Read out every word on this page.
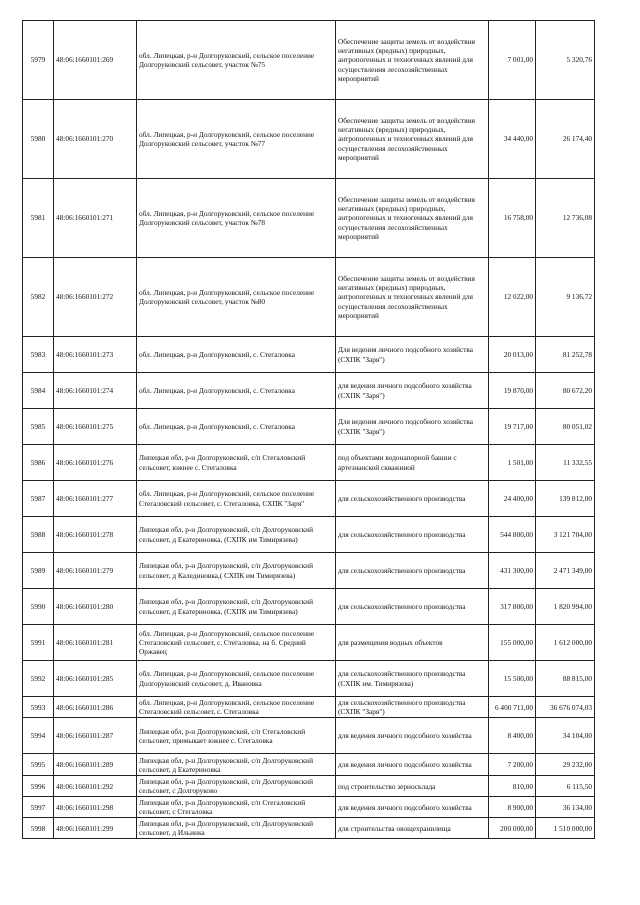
5979	48:06:1660101:269	обл. Липецкая, р-н Долгоруковский, сельское поселение Долгоруковский сельсовет, участок №75	Обеспечение защиты земель от воздействия негативных (вредных) природных, антропогенных и техногенных явлений для осуществления лесохозяйственных мероприятий	7 001,00	5 320,76
5980	48:06:1660101:270	обл. Липецкая, р-н Долгоруковский, сельское поселение Долгоруковский сельсовет, участок №77	Обеспечение защиты земель от воздействия негативных (вредных) природных, антропогенных и техногенных явлений для осуществления лесохозяйственных мероприятий	34 440,00	26 174,40
5981	48:06:1660101:271	обл. Липецкая, р-н Долгоруковский, сельское поселение Долгоруковский сельсовет, участок №78	Обеспечение защиты земель от воздействия негативных (вредных) природных, антропогенных и техногенных явлений для осуществления лесохозяйственных мероприятий	16 758,00	12 736,08
5982	48:06:1660101:272	обл. Липецкая, р-н Долгоруковский, сельское поселение Долгоруковский сельсовет, участок №80	Обеспечение защиты земель от воздействия негативных (вредных) природных, антропогенных и техногенных явлений для осуществления лесохозяйственных мероприятий	12 022,00	9 136,72
5983	48:06:1660101:273	обл. Липецкая, р-н Долгоруковский, с. Стегаловка	Для ведения личного подсобного хозяйства (СХПК "Заря")	20 013,00	81 252,78
5984	48:06:1660101:274	обл. Липецкая, р-н Долгоруковский, с. Стегаловка	для ведения личного подсобного хозяйства (СХПК "Заря")	19 870,00	80 672,20
5985	48:06:1660101:275	обл. Липецкая, р-н Долгоруковский, с. Стегаловка	Для ведения личного подсобного хозяйства (СХПК "Заря")	19 717,00	80 051,02
5986	48:06:1660101:276	Липецкая обл, р-н Долгоруковский, с/п Стегаловский сельсовет, южнее с. Стегаловка	под объектами водонапорной башни с артезианской скважиной	1 501,00	11 332,55
5987	48:06:1660101:277	обл. Липецкая, р-н Долгоруковский, сельское поселение Стегаловский сельсовет, с. Стегаловка, СХПК "Заря"	для сельскохозяйственного производства	24 400,00	139 812,00
5988	48:06:1660101:278	Липецкая обл, р-н Долгоруковский, с/п Долгоруковский сельсовет, д Екатериновка, (СХПК им Тимирязева)	для сельскохозяйственного производства	544 800,00	3 121 704,00
5989	48:06:1660101:279	Липецкая обл, р-н Долгоруковский, с/п Долгоруковский сельсовет, д Калединовка,( СХПК им Тимирязева)	для сельскохозяйственного производства	431 300,00	2 471 349,00
5990	48:06:1660101:280	Липецкая обл, р-н Долгоруковский, с/п Долгоруковский сельсовет, д Екатериновка, (СХПК им Тимирязева)	для сельскохозяйственного производства	317 800,00	1 820 994,00
5991	48:06:1660101:281	обл. Липецкая, р-н Долгоруковский, сельское поселение Стегаловский сельсовет, с. Стегаловка, на б. Средний Оржавец	для размещения водных объектов	155 000,00	1 612 000,00
5992	48:06:1660101:285	обл. Липецкая, р-н Долгоруковский, сельское поселение Долгоруковский сельсовет, д. Ивановка	для сельскохозяйственного производства (СХПК им. Тимирязева)	15 500,00	88 815,00
5993	48:06:1660101:286	обл. Липецкая, р-н Долгоруковский, сельское поселение Стегаловский сельсовет, с. Стегаловка	для сельскохозяйственного производства (СХПК "Заря")	6 400 711,00	36 676 074,03
5994	48:06:1660101:287	Липецкая обл, р-н Долгоруковский, с/п Стегаловский сельсовет, примыкает южнее с. Стегаловка	для ведения личного подсобного хозяйства	8 400,00	34 104,00
5995	48:06:1660101:289	Липецкая обл, р-н Долгоруковский, с/п Долгоруковский сельсовет, д Екатериновка	для ведения личного подсобного хозяйства	7 200,00	29 232,00
5996	48:06:1660101:292	Липецкая обл, р-н Долгоруковский, с/п Долгоруковский сельсовет, с Долгоруково	под строительство зерносклада	810,00	6 115,50
5997	48:06:1660101:298	Липецкая обл, р-н Долгоруковский, с/п Стегаловский сельсовет, с Стегаловка	для ведения личного подсобного хозяйства	8 900,00	36 134,00
5998	48:06:1660101:299	Липецкая обл, р-н Долгоруковский, с/п Долгоруковский сельсовет, д Ильинка	для строительства овощехранилища	200 000,00	1 510 000,00
